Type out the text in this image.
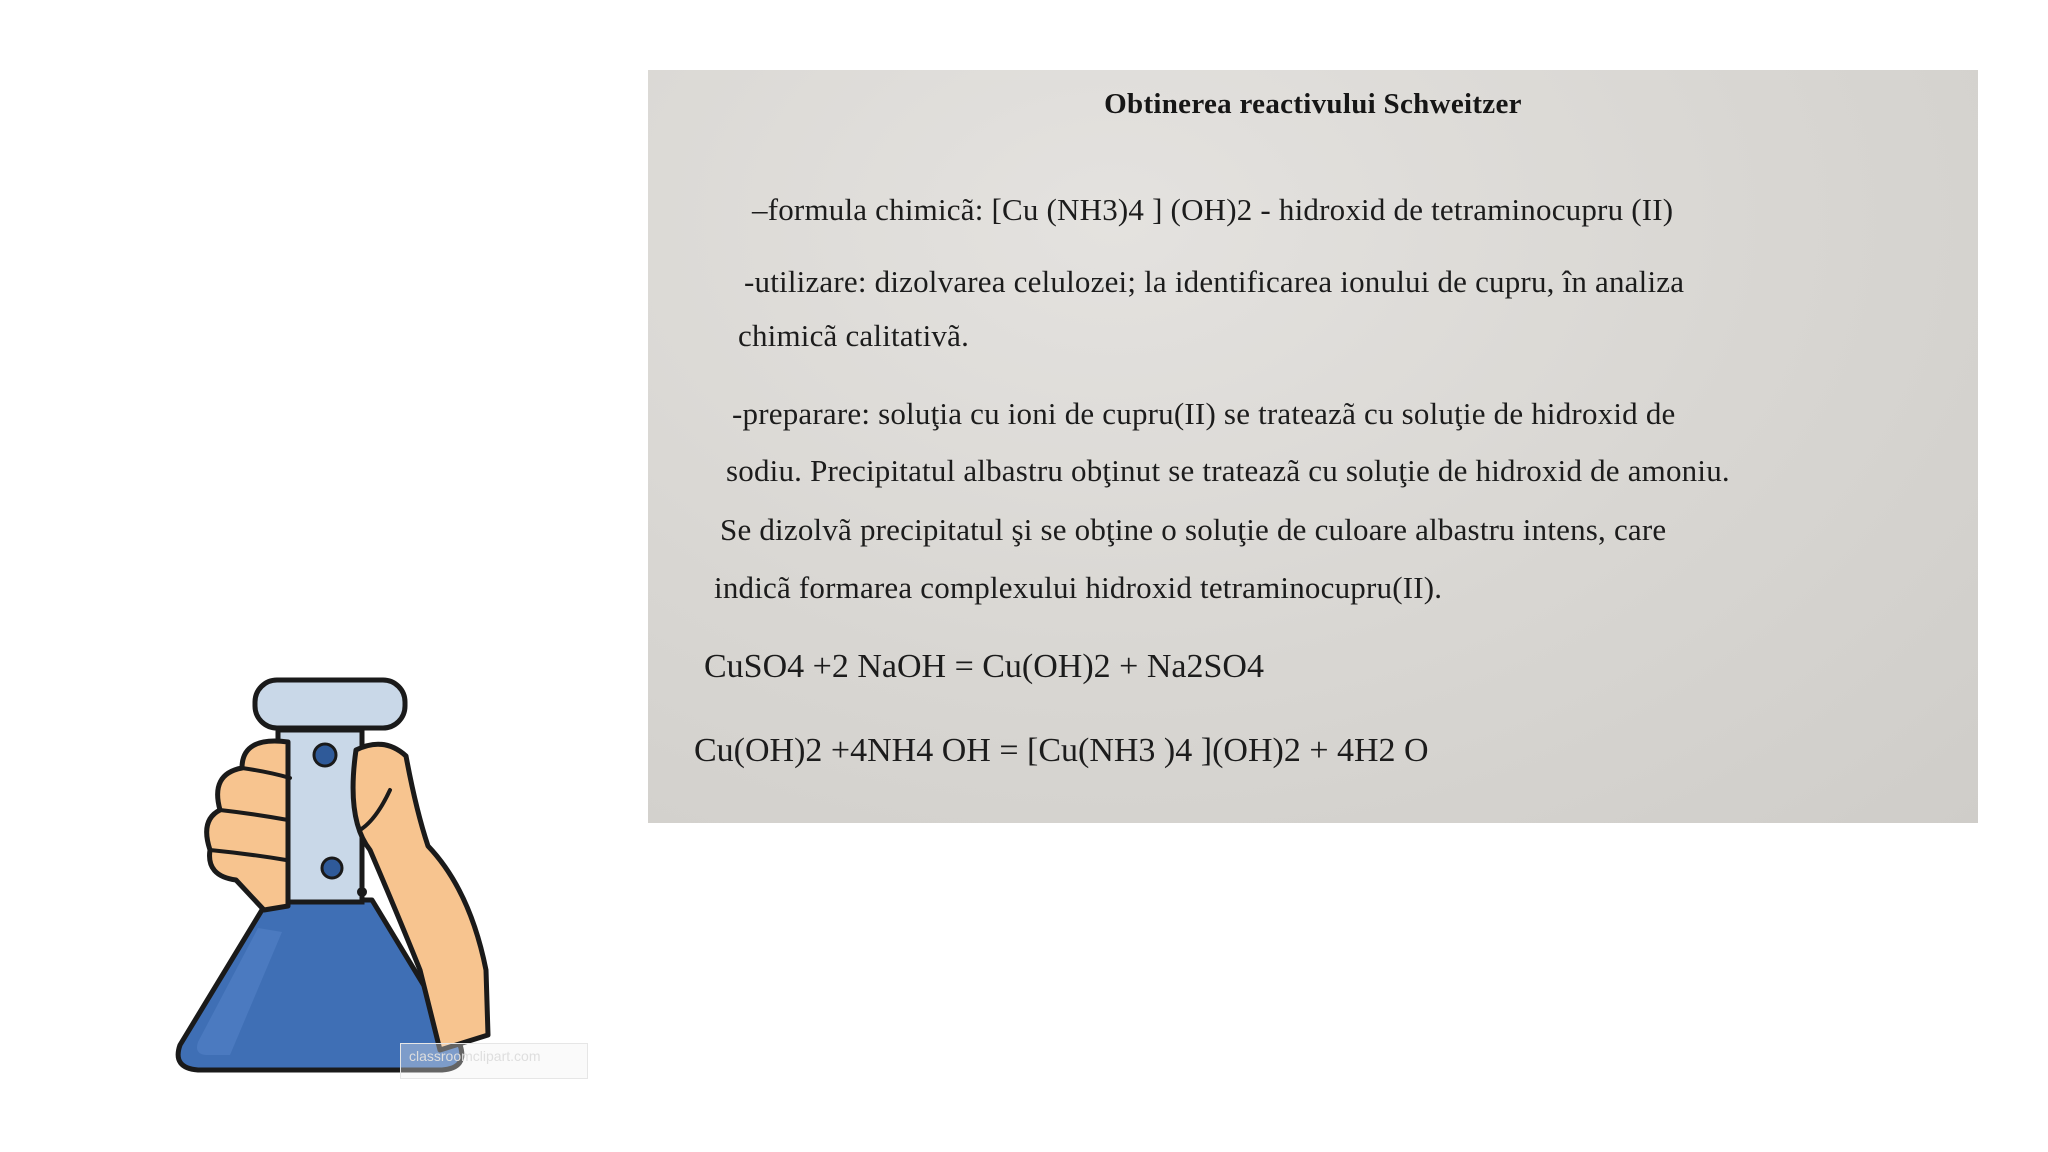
Obtinerea reactivului Schweitzer
–formula chimicã: [Cu (NH3)4 ] (OH)2 - hidroxid de tetraminocupru (II)
-utilizare: dizolvarea celulozei; la identificarea ionului de cupru, în analiza
chimicã calitativã.
-preparare: soluţia cu ioni de cupru(II) se trateazã cu soluţie de hidroxid de
sodiu. Precipitatul albastru obţinut se trateazã cu soluţie de hidroxid de amoniu.
Se dizolvã precipitatul şi se obţine o soluţie de culoare albastru intens, care
indicã formarea complexului hidroxid tetraminocupru(II).
CuSO4 +2 NaOH = Cu(OH)2 + Na2SO4
Cu(OH)2 +4NH4 OH = [Cu(NH3 )4 ](OH)2 + 4H2 O
classroomclipart.com
